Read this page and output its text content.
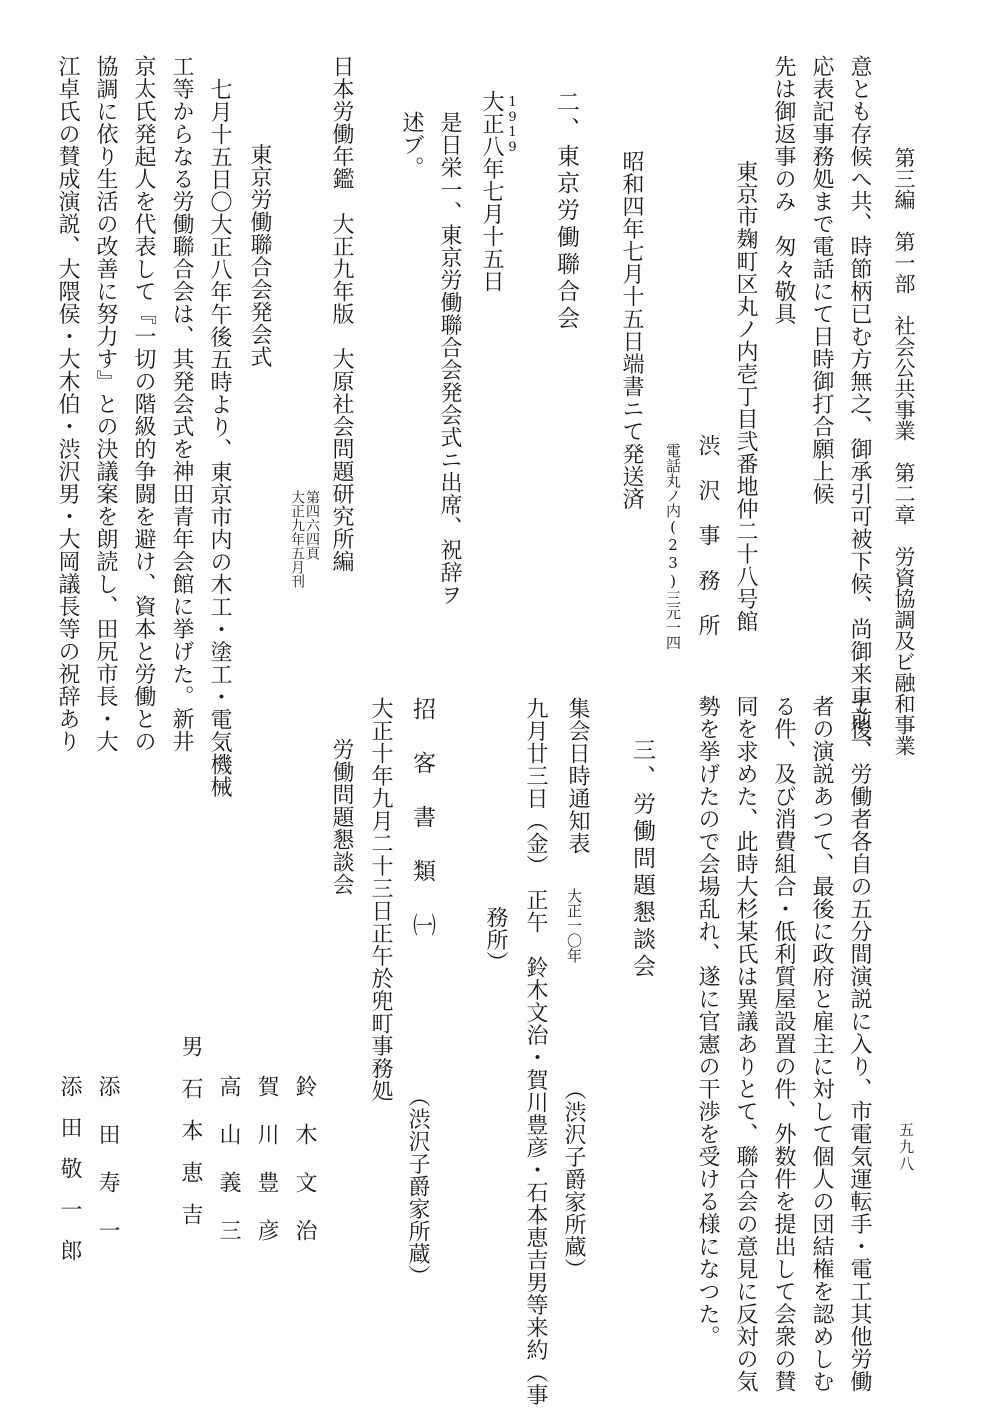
第三編　第一部　社会公共事業　第二章　労資協調及ビ融和事業
五九八
意とも存候へ共、時節柄已む方無之、御承引可被下候、尚御来車前一
応表記事務処まで電話にて日時御打合願上候
先は御返事のみ　匆々敬具
東京市麹町区丸ノ内壱丁目弐番地仲二十八号館
渋　沢　事　務　所
電話丸ノ内(23)三元一四
昭和四年七月十五日端書ニて発送済
二、東京労働聯合会
1919
大正八年七月十五日
是日栄一、東京労働聯合会発会式ニ出席、祝辞ヲ
述ブ。
日本労働年鑑　大正九年版　大原社会問題研究所編
第四六四頁
大正九年五月刊
東京労働聯合会発会式
七月十五日〇大正八年午後五時より、東京市内の木工・塗工・電気機械
工等からなる労働聯合会は、其発会式を神田青年会館に挙げた。新井
京太氏発起人を代表して『一切の階級的争闘を避け、資本と労働との
協調に依り生活の改善に努力す』との決議案を朗読し、田尻市長・大
江卓氏の賛成演説、大隈侯・大木伯・渋沢男・大岡議長等の祝辞あり
て後、労働者各自の五分間演説に入り、市電気運転手・電工其他労働
者の演説あつて、最後に政府と雇主に対して個人の団結権を認めしむ
る件、及び消費組合・低利質屋設置の件、外数件を提出して会衆の賛
同を求めた、此時大杉某氏は異議ありとて、聯合会の意見に反対の気
勢を挙げたので会場乱れ、遂に官憲の干渉を受ける様になつた。
三、労働問題懇談会
集会日時通知表
大正一〇年
（渋沢子爵家所蔵）
九月廿三日（金）　正午　鈴木文治・賀川豊彦・石本恵吉男等来約（事
務所）
招　客　書　類　㈠
（渋沢子爵家所蔵）
大正十年九月二十三日正午於兜町事務処
労働問題懇談会
鈴木文治
賀川豊彦
高山義三
男石本恵吉
添田寿一
添田敬一郎
